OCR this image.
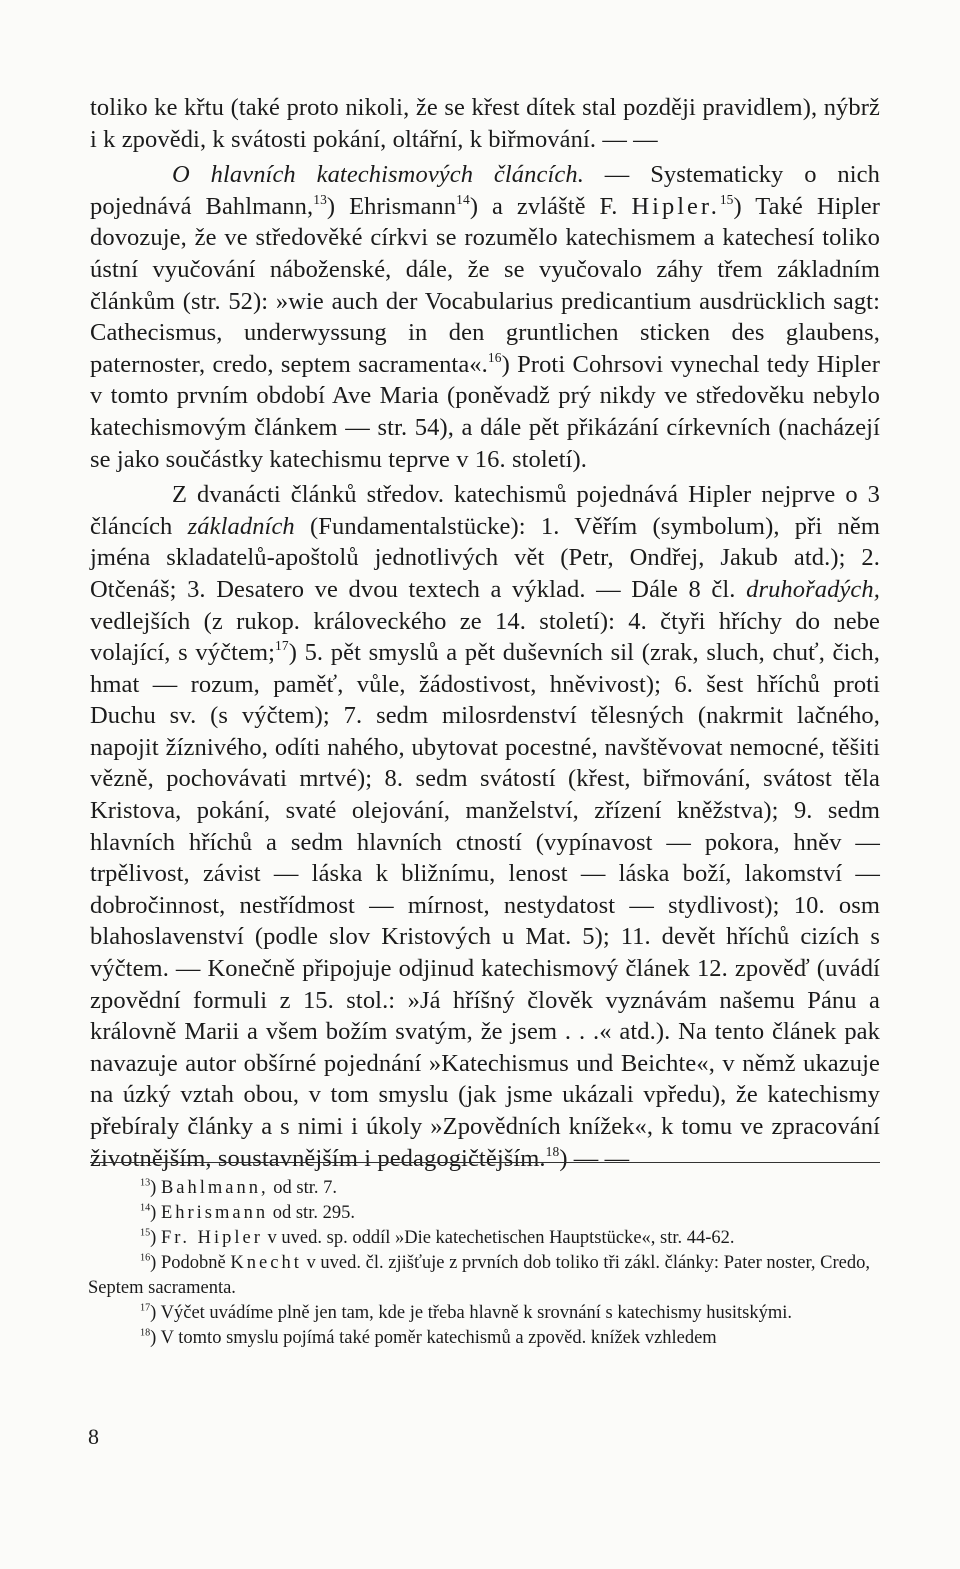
toliko ke křtu (také proto nikoli, že se křest dítek stal později pravidlem), nýbrž i k zpovědi, k svátosti pokání, oltářní, k biřmování. — —

O hlavních katechismových článcích. — Systematicky o nich pojednává Bahlmann,$^{13}$) Ehrismann$^{14}$) a zvláště F. Hipler.$^{15}$) Také Hipler dovozuje, že ve středověké církvi se rozumělo katechismem a katechesí toliko ústní vyučování náboženské, dále, že se vyučovalo záhy třem základním článkům (str. 52): »wie auch der Vocabularius predicantium ausdrücklich sagt: Cathecismus, underwyssung in den gruntlichen sticken des glaubens, paternoster, credo, septem sacramenta«.$^{16}$) Proti Cohrsovi vynechal tedy Hipler v tomto prvním období Ave Maria (poněvadž prý nikdy ve středověku nebylo katechismovým článkem — str. 54), a dále pět přikázání církevních (nacházejí se jako součástky katechismu teprve v 16. století).

Z dvanácti článků středov. katechismů pojednává Hipler nejprve o 3 článcích základních (Fundamentalstücke): 1. Věřím (symbolum), při něm jména skladatelů-apoštolů jednotlivých vět (Petr, Ondřej, Jakub atd.); 2. Otčenáš; 3. Desatero ve dvou textech a výklad. — Dále 8 čl. druhořadých, vedlejších (z rukop. královeckého ze 14. století): 4. čtyři hříchy do nebe volající, s výčtem;$^{17}$) 5. pět smyslů a pět duševních sil (zrak, sluch, chuť, čich, hmat — rozum, paměť, vůle, žádostivost, hněvivost); 6. šest hříchů proti Duchu sv. (s výčtem); 7. sedm milosrdenství tělesných (nakrmit lačného, napojit žíznivého, odíti nahého, ubytovat pocestné, navštěvovat nemocné, těšiti vězně, pochovávati mrtvé); 8. sedm svátostí (křest, biřmování, svátost těla Kristova, pokání, svaté olejování, manželství, zřízení kněžstva); 9. sedm hlavních hříchů a sedm hlavních ctností (vypínavost — pokora, hněv — trpělivost, závist — láska k bližnímu, lenost — láska boží, lakomství — dobročinnost, nestřídmost — mírnost, nestydatost — stydlivost); 10. osm blahoslavenství (podle slov Kristových u Mat. 5); 11. devět hříchů cizích s výčtem. — Konečně připojuje odjinud katechismový článek 12. zpověď (uvádí zpovědní formuli z 15. stol.: »Já hříšný člověk vyznávám našemu Pánu a královně Marii a všem božím svatým, že jsem . . .« atd.). Na tento článek pak navazuje autor obšírné pojednání »Katechismus und Beichte«, v němž ukazuje na úzký vztah obou, v tom smyslu (jak jsme ukázali vpředu), že katechismy přebíraly články a s nimi i úkoly »Zpovědních knížek«, k tomu ve zpracování životnějším, soustavnějším i pedagogičtějším.$^{18}$) — —

$^{13}$) Bahlmann, od str. 7.

$^{14}$) Ehrismann od str. 295.

$^{15}$) Fr. Hipler v uved. sp. oddíl »Die katechetischen Hauptstücke«, str. 44-62.

$^{16}$) Podobně Knecht v uved. čl. zjišťuje z prvních dob toliko tři zákl. články: Pater noster, Credo, Septem sacramenta.

$^{17}$) Výčet uvádíme plně jen tam, kde je třeba hlavně k srovnání s katechismy husitskými.

$^{18}$) V tomto smyslu pojímá také poměr katechismů a zpověd. knížek vzhledem

8
